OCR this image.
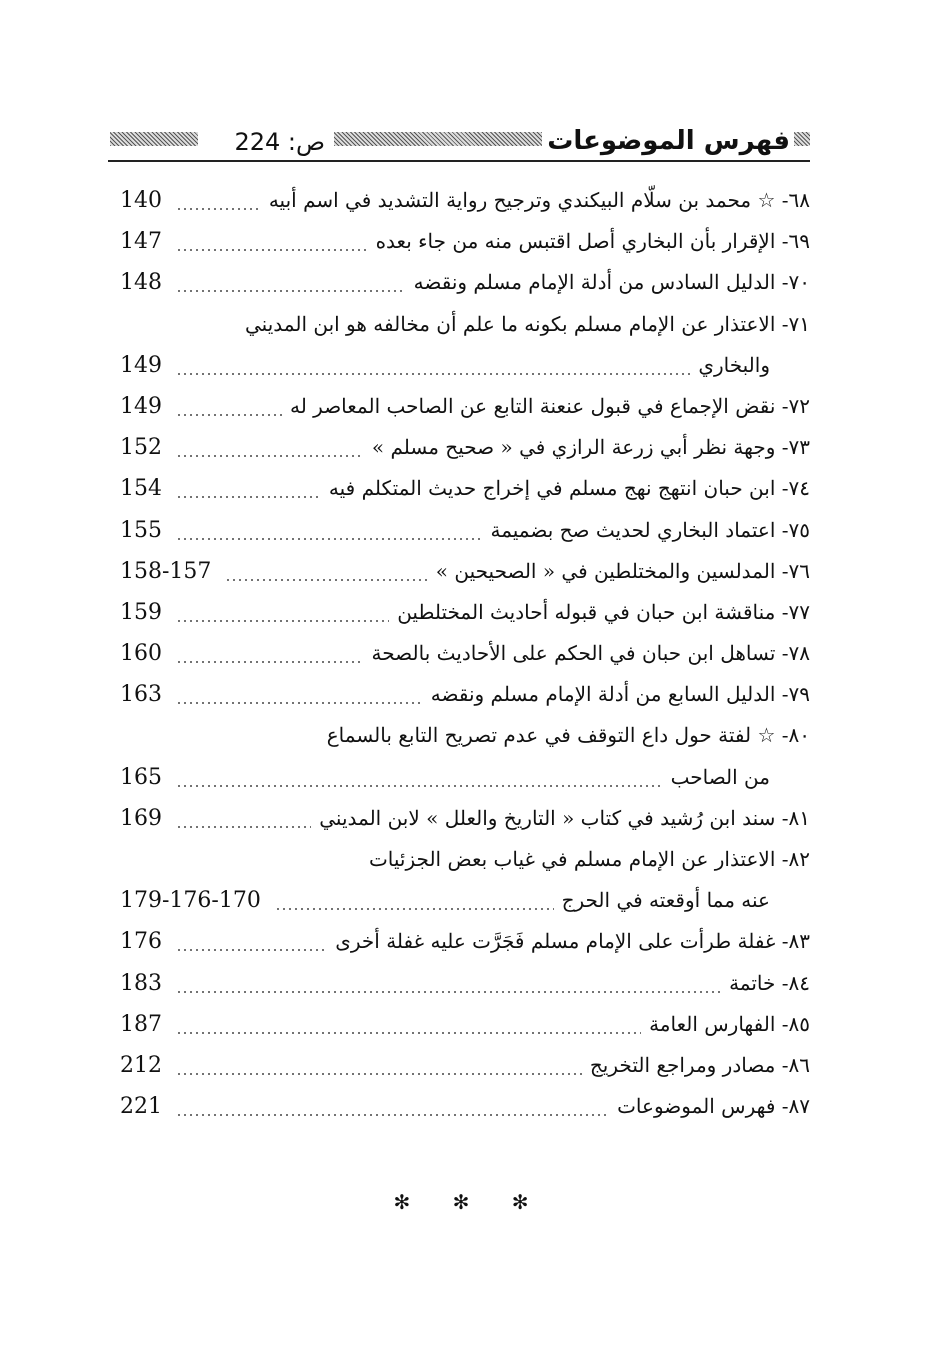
فهرس الموضوعات
ص: 224
٦٨- ☆ محمد بن سلّام البيكندي وترجيح رواية التشديد في اسم أبيه
140
٦٩- الإقرار بأن البخاري أصل اقتبس منه من جاء بعده
147
٧٠- الدليل السادس من أدلة الإمام مسلم ونقضه
148
٧١- الاعتذار عن الإمام مسلم بكونه ما علم أن مخالفه هو ابن المديني
والبخاري
149
٧٢- نقض الإجماع في قبول عنعنة التابع عن الصاحب المعاصر له
149
٧٣- وجهة نظر أبي زرعة الرازي في « صحيح مسلم »
152
٧٤- ابن حبان انتهج نهج مسلم في إخراج حديث المتكلم فيه
154
٧٥- اعتماد البخاري لحديث صح بضميمة
155
٧٦- المدلسين والمختلطين في « الصحيحين »
158-157
٧٧- مناقشة ابن حبان في قبوله أحاديث المختلطين
159
٧٨- تساهل ابن حبان في الحكم على الأحاديث بالصحة
160
٧٩- الدليل السابع من أدلة الإمام مسلم ونقضه
163
٨٠- ☆ لفتة حول داع التوقف في عدم تصريح التابع بالسماع
من الصاحب
165
٨١- سند ابن رُشيد في كتاب « التاريخ والعلل » لابن المديني
169
٨٢- الاعتذار عن الإمام مسلم في غياب بعض الجزئيات
عنه مما أوقعته في الحرج
179-176-170
٨٣- غفلة طرأت على الإمام مسلم فَجَرَّت عليه غفلة أخرى
176
٨٤- خاتمة
183
٨٥- الفهارس العامة
187
٨٦- مصادر ومراجع التخريج
212
٨٧- فهرس الموضوعات
221
✻ ✻ ✻
